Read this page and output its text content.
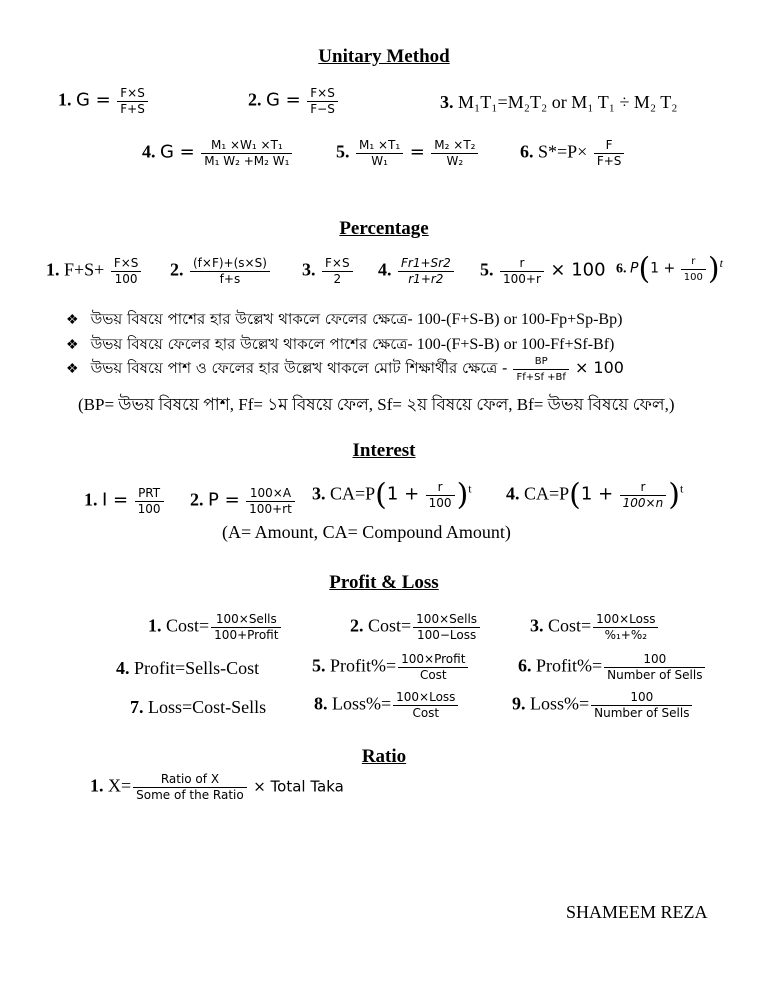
Unitary Method
1. $G = \frac{F\times S}{F+S}$	2. $G = \frac{F\times S}{F-S}$	3. M₁T₁=M₂T₂ or M₁ T₁ ÷ M₂ T₂
4. $G = \frac{\text{M₁ ×W₁ ×T₁}}{\text{M₁ W₂ +M₂ W₁}} 5$. $\frac{\text{M₁ ×T₁}}{\text{W₁}} = \frac{\text{M₂ ×T₂}}{\text{W₂}} 6$. $S*=P\times \frac{F}{F+S}$
Percentage
1. $F+S+ \frac{F\times S}{100} 2$. $\frac{(f\times F)+(s\times S)}{f+s} 3$. $\frac{F\times S}{2} 4$. $\frac{Fr1+Sr2}{r1+r2} 5$. $\frac{r}{100+r} \times 100$ 6. $P(1 + \frac{r}{100} )t$
❖ উভয় বিষয়ে পাশের হার উল্লেখ থাকলে ফেলের ক্ষেত্রে- 100-(F+S-B) or 100-Fp+Sp-Bp)
❖ উভয় বিষয়ে ফেলের হার উল্লেখ থাকলে পাশের ক্ষেত্রে- 100-(F+S-B) or 100-Ff+Sf-Bf)
❖ উভয় বিষয়ে পাশ ও ফেলের হার উল্লেখ থাকলে মোট শিক্ষার্থীর ক্ষেত্রে - $\frac{BP}{Ff+Sf +Bf} \times 100$
(BP= উভয় বিষয়ে পাশ, Ff= ১ম বিষয়ে ফেল, Sf= ২য় বিষয়ে ফেল, Bf= উভয় বিষয়ে ফেল,)
Interest
1. $I = \frac{\text{PRT}}{100} 2$. $P = \frac{100\times A}{100+rt} 3$. $CA=P(1 + \frac{r}{100} )^t$ 4. $CA=P(1 + \frac{r}{100\times n} )^t$
(A= Amount, CA= Compound Amount)
Profit & Loss
1. Cost= $\frac{\text{100×Sells}}{\text{100+Profit}}$	2. Cost= $\frac{\text{100×Sells}}{\text{100−Loss}}$	3. Cost= $\frac{\text{100×Loss}}{\text{\%₁+\%₂}}$
4. Profit=Sells-Cost	5. Profit%= $\frac{\text{100×Profit}}{\text{Cost}}$	6. Profit%= $\frac{100}{\text{Number of Sells}}$
7. Loss=Cost-Sells	8. Loss%= $\frac{\text{100×Loss}}{\text{Cost}}$	9. Loss%= $\frac{100}{\text{Number of Sells}}$
Ratio
1. $X= \frac{\text{Ratio of X}}{\text{Some of the Ratio}}$ × Total Taka
SHAMEEM REZA
